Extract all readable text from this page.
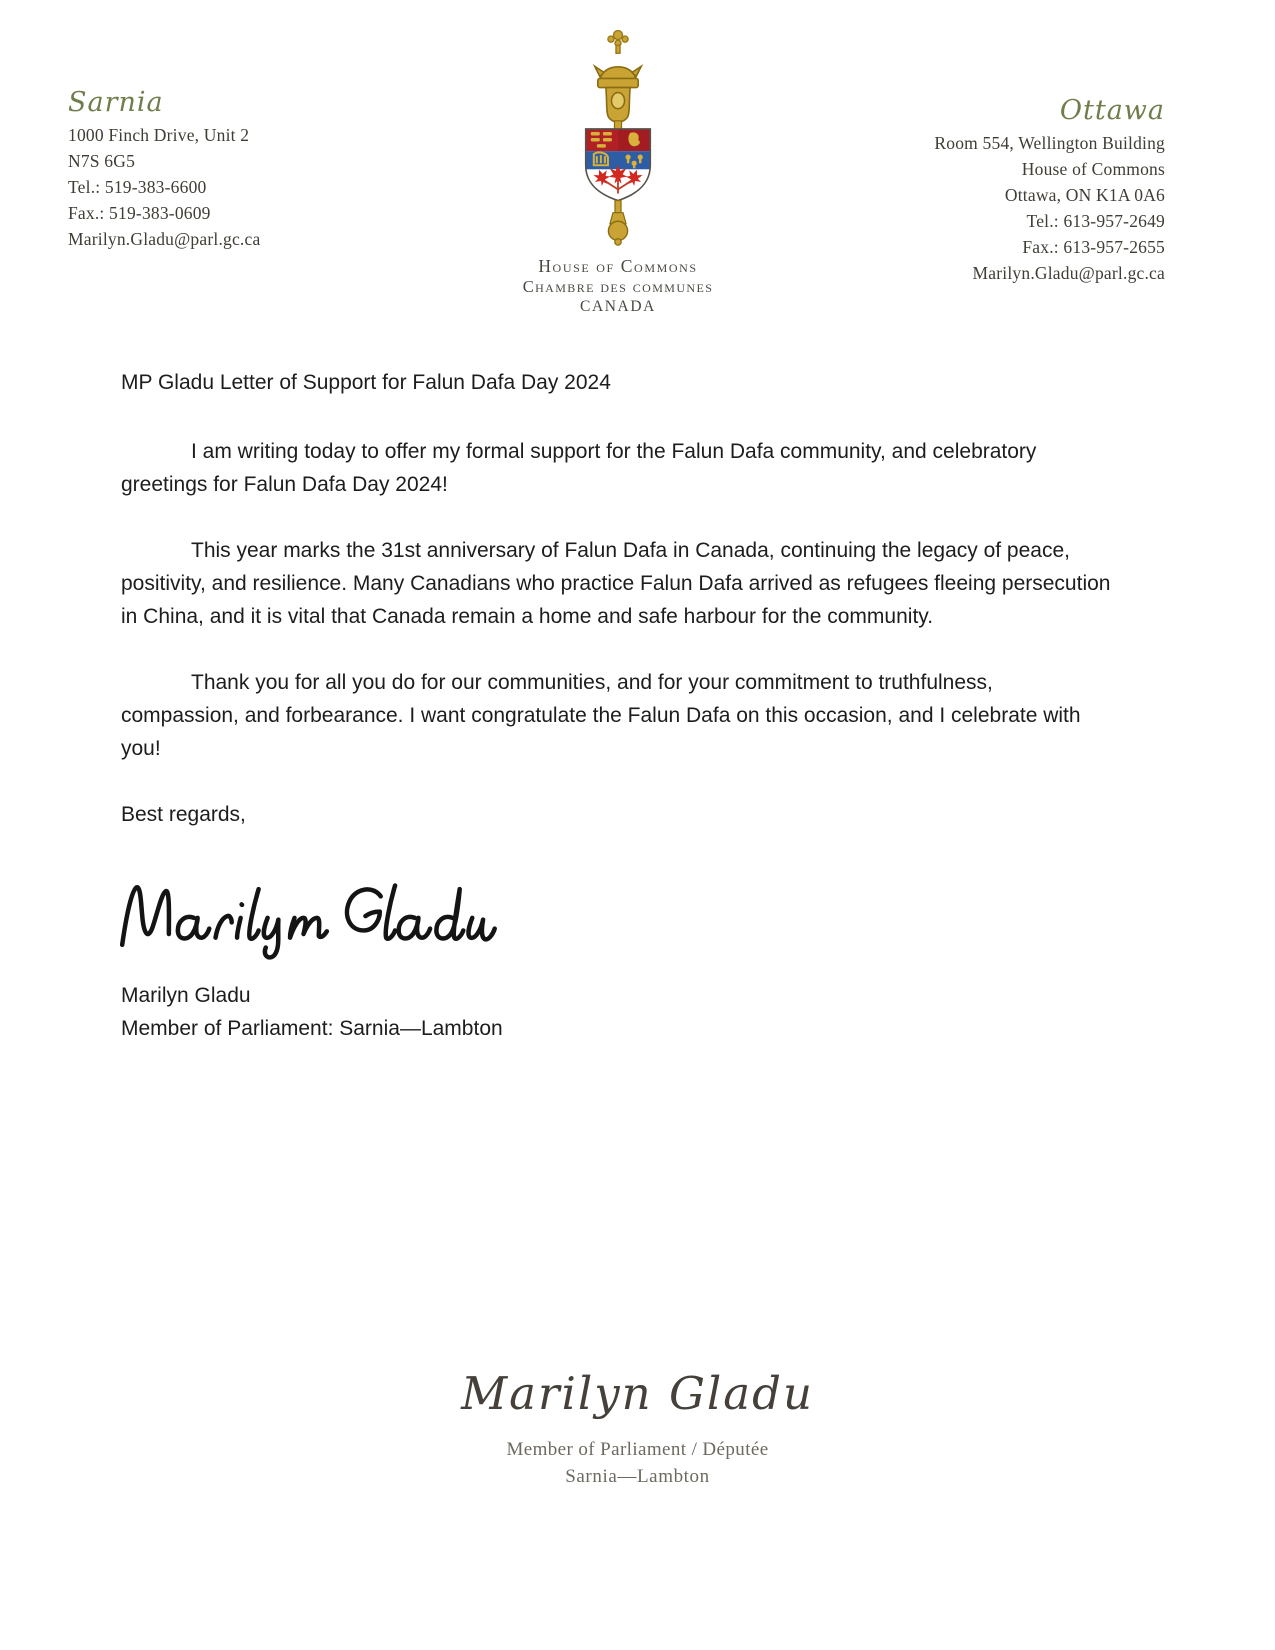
Sarnia
1000 Finch Drive, Unit 2
N7S 6G5
Tel.: 519-383-6600
Fax.: 519-383-0609
Marilyn.Gladu@parl.gc.ca
House of Commons
Chambre des communes
CANADA
Ottawa
Room 554, Wellington Building
House of Commons
Ottawa, ON K1A 0A6
Tel.: 613-957-2649
Fax.: 613-957-2655
Marilyn.Gladu@parl.gc.ca
MP Gladu Letter of Support for Falun Dafa Day 2024

I am writing today to offer my formal support for the Falun Dafa community, and celebratory greetings for Falun Dafa Day 2024!

This year marks the 31st anniversary of Falun Dafa in Canada, continuing the legacy of peace, positivity, and resilience. Many Canadians who practice Falun Dafa arrived as refugees fleeing persecution in China, and it is vital that Canada remain a home and safe harbour for the community.

Thank you for all you do for our communities, and for your commitment to truthfulness, compassion, and forbearance. I want congratulate the Falun Dafa on this occasion, and I celebrate with you!

Best regards,

Marilyn Gladu
Member of Parliament: Sarnia—Lambton
Marilyn Gladu
Member of Parliament / Députée
Sarnia—Lambton
